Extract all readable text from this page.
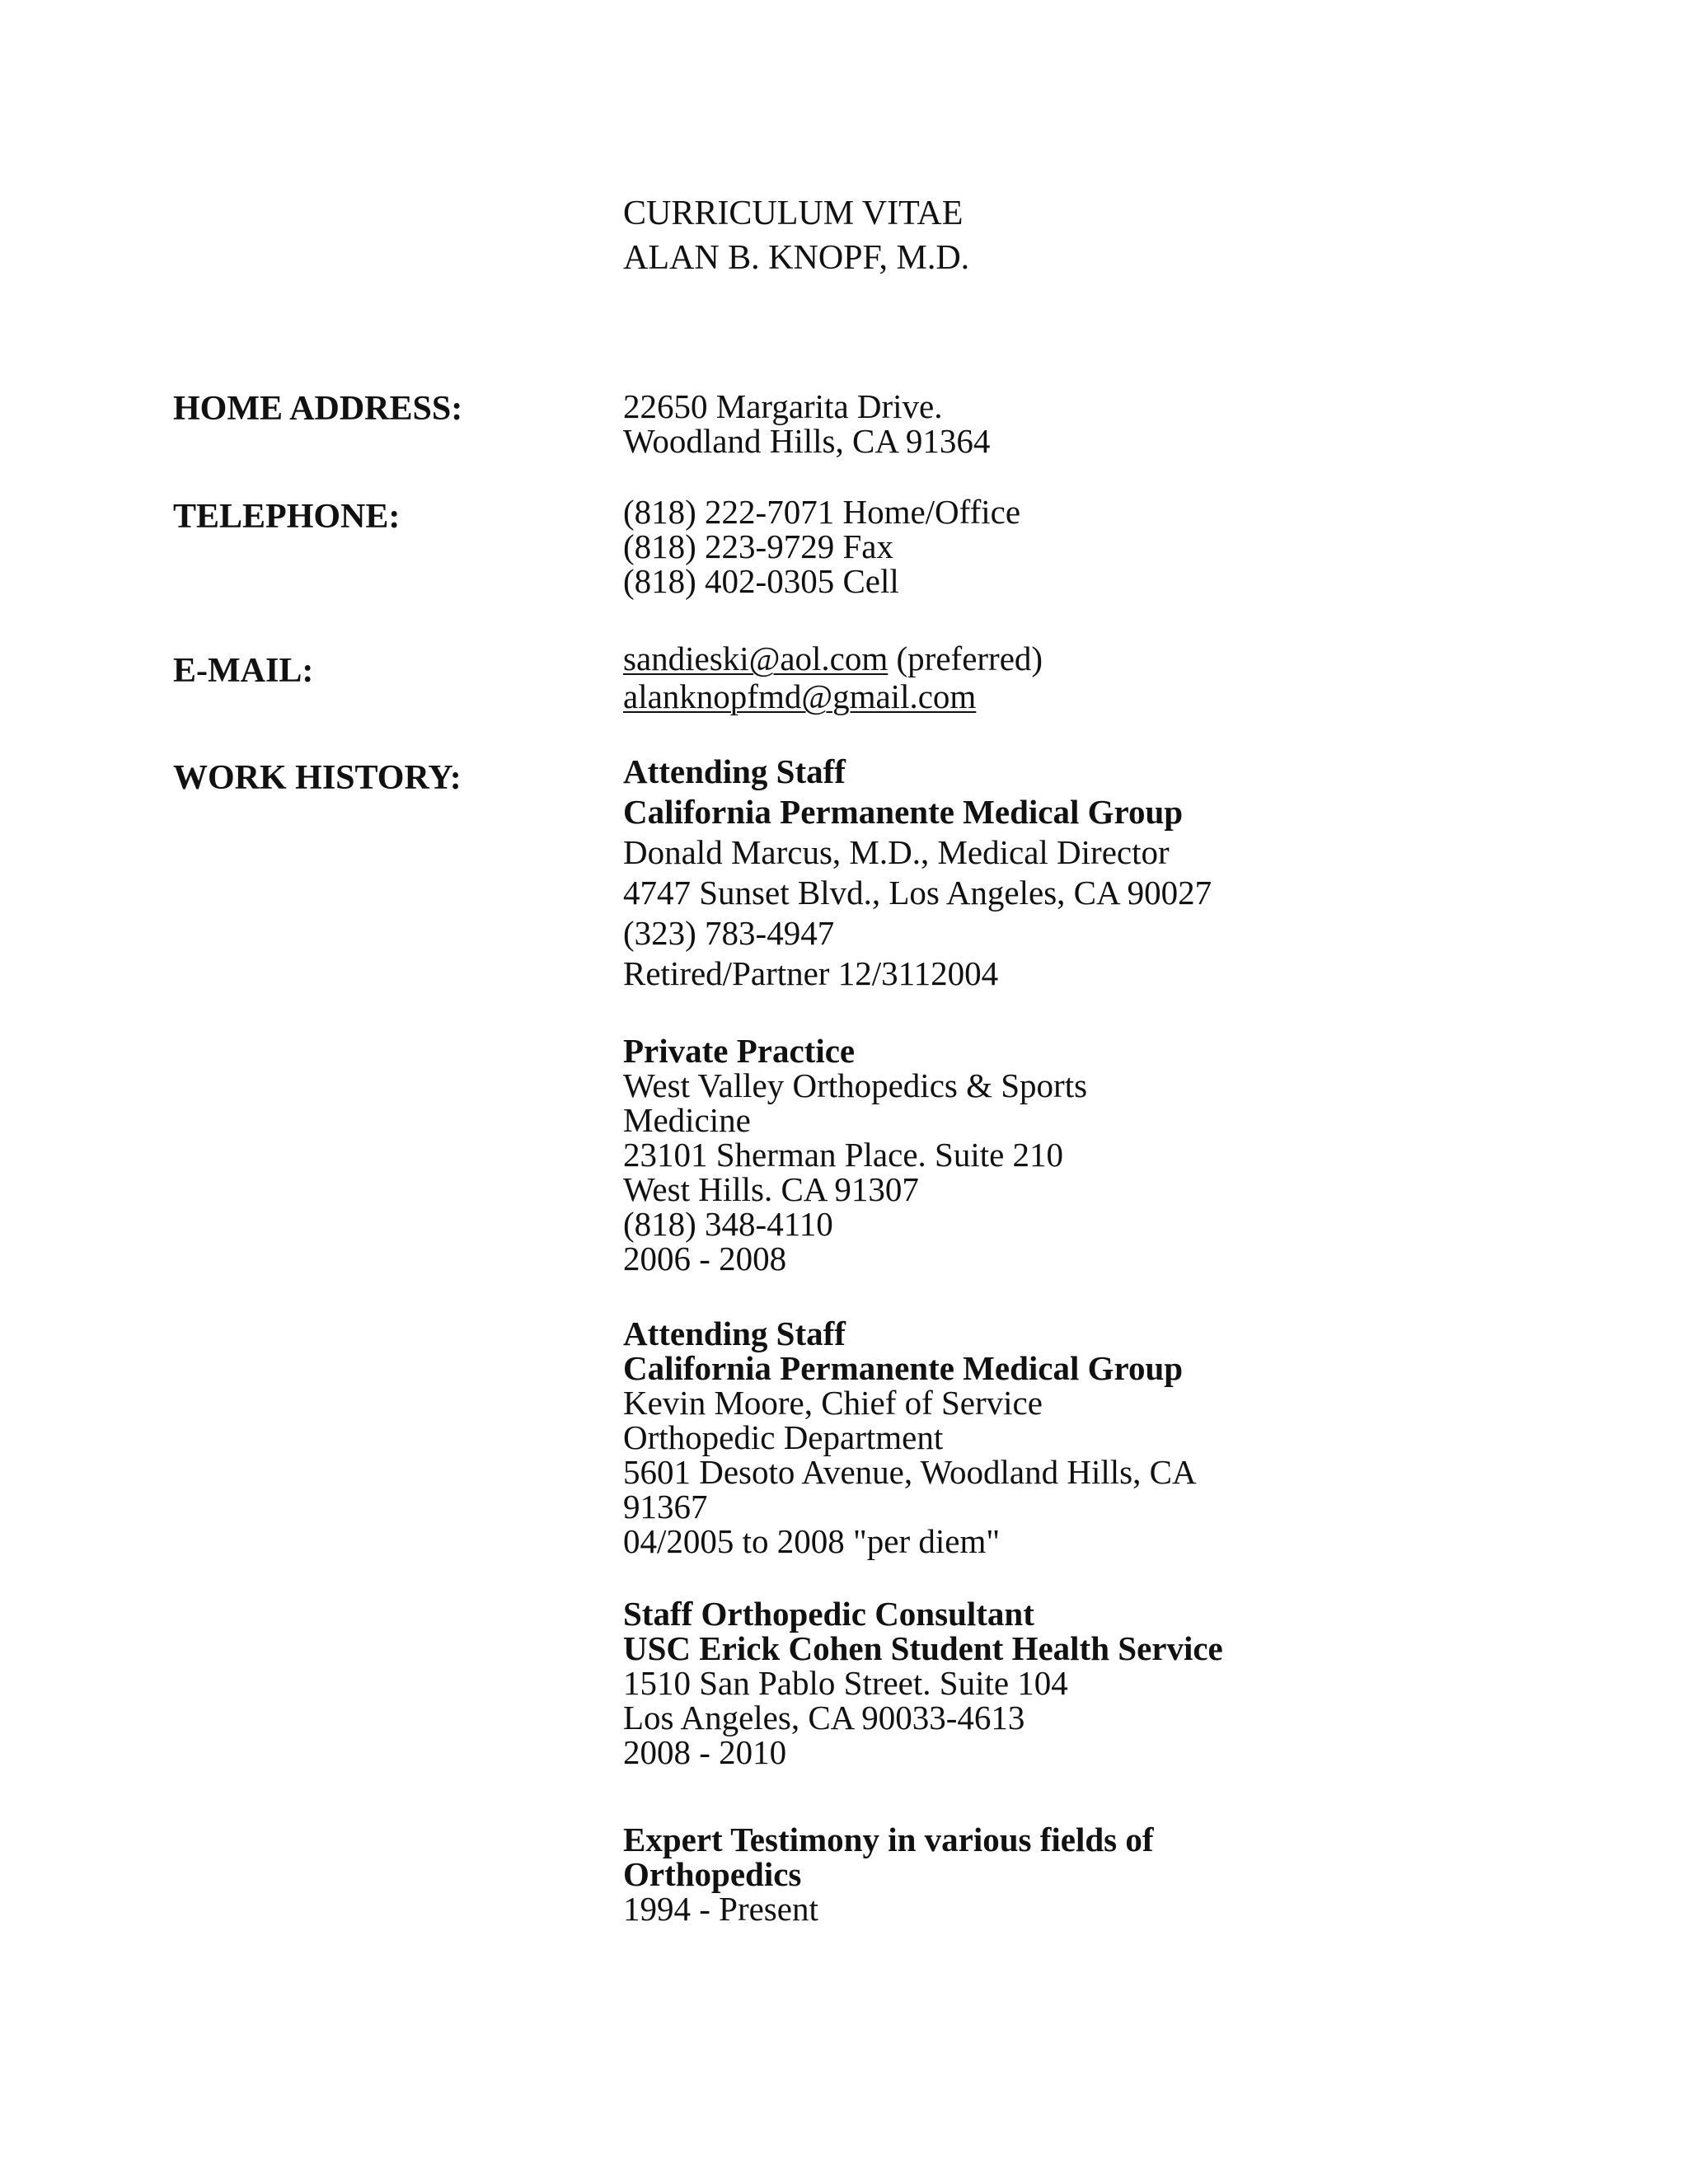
CURRICULUM VITAE
ALAN B. KNOPF, M.D.
HOME ADDRESS:	22650 Margarita Drive.
Woodland Hills, CA 91364
TELEPHONE:	(818) 222-7071 Home/Office
(818) 223-9729 Fax
(818) 402-0305 Cell
E-MAIL:	sandieski@aol.com (preferred)
alanknopfmd@gmail.com
WORK HISTORY:	Attending Staff
California Permanente Medical Group
Donald Marcus, M.D., Medical Director
4747 Sunset Blvd., Los Angeles, CA 90027
(323) 783-4947
Retired/Partner 12/3112004
Private Practice
West Valley Orthopedics & Sports
Medicine
23101 Sherman Place. Suite 210
West Hills. CA 91307
(818) 348-4110
2006 - 2008
Attending Staff
California Permanente Medical Group
Kevin Moore, Chief of Service
Orthopedic Department
5601 Desoto Avenue, Woodland Hills, CA
91367
04/2005 to 2008 "per diem"
Staff Orthopedic Consultant
USC Erick Cohen Student Health Service
1510 San Pablo Street. Suite 104
Los Angeles, CA 90033-4613
2008 - 2010
Expert Testimony in various fields of
Orthopedics
1994 - Present
